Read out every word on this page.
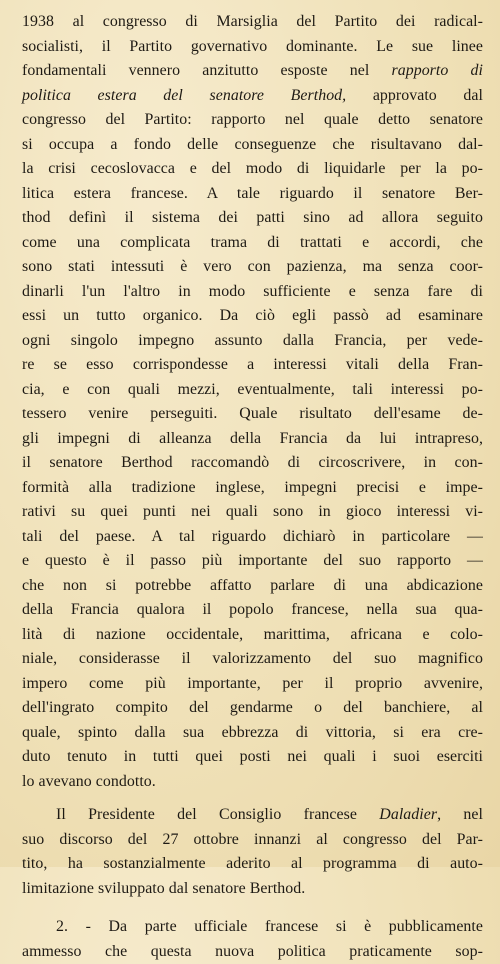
1938 al congresso di Marsiglia del Partito dei radical-
socialisti, il Partito governativo dominante. Le sue linee
fondamentali vennero anzitutto esposte nel rapporto di
politica estera del senatore Berthod, approvato dal
congresso del Partito: rapporto nel quale detto senatore
si occupa a fondo delle conseguenze che risultavano dal-
la crisi cecoslovacca e del modo di liquidarle per la po-
litica estera francese. A tale riguardo il senatore Ber-
thod definì il sistema dei patti sino ad allora seguito
come una complicata trama di trattati e accordi, che
sono stati intessuti è vero con pazienza, ma senza coor-
dinarli l'un l'altro in modo sufficiente e senza fare di
essi un tutto organico. Da ciò egli passò ad esaminare
ogni singolo impegno assunto dalla Francia, per vede-
re se esso corrispondesse a interessi vitali della Fran-
cia, e con quali mezzi, eventualmente, tali interessi po-
tessero venire perseguiti. Quale risultato dell'esame de-
gli impegni di alleanza della Francia da lui intrapreso,
il senatore Berthod raccomandò di circoscrivere, in con-
formità alla tradizione inglese, impegni precisi e impe-
rativi su quei punti nei quali sono in gioco interessi vi-
tali del paese. A tal riguardo dichiarò in particolare —
e questo è il passo più importante del suo rapporto —
che non si potrebbe affatto parlare di una abdicazione
della Francia qualora il popolo francese, nella sua qua-
lità di nazione occidentale, marittima, africana e colo-
niale, considerasse il valorizzamento del suo magnifico
impero come più importante, per il proprio avvenire,
dell'ingrato compito del gendarme o del banchiere, al
quale, spinto dalla sua ebbrezza di vittoria, si era cre-
duto tenuto in tutti quei posti nei quali i suoi eserciti
lo avevano condotto.
Il Presidente del Consiglio francese Daladier, nel
suo discorso del 27 ottobre innanzi al congresso del Par-
tito, ha sostanzialmente aderito al programma di auto-
limitazione sviluppato dal senatore Berthod.
2. - Da parte ufficiale francese si è pubblicamente
ammesso che questa nuova politica praticamente sop-
